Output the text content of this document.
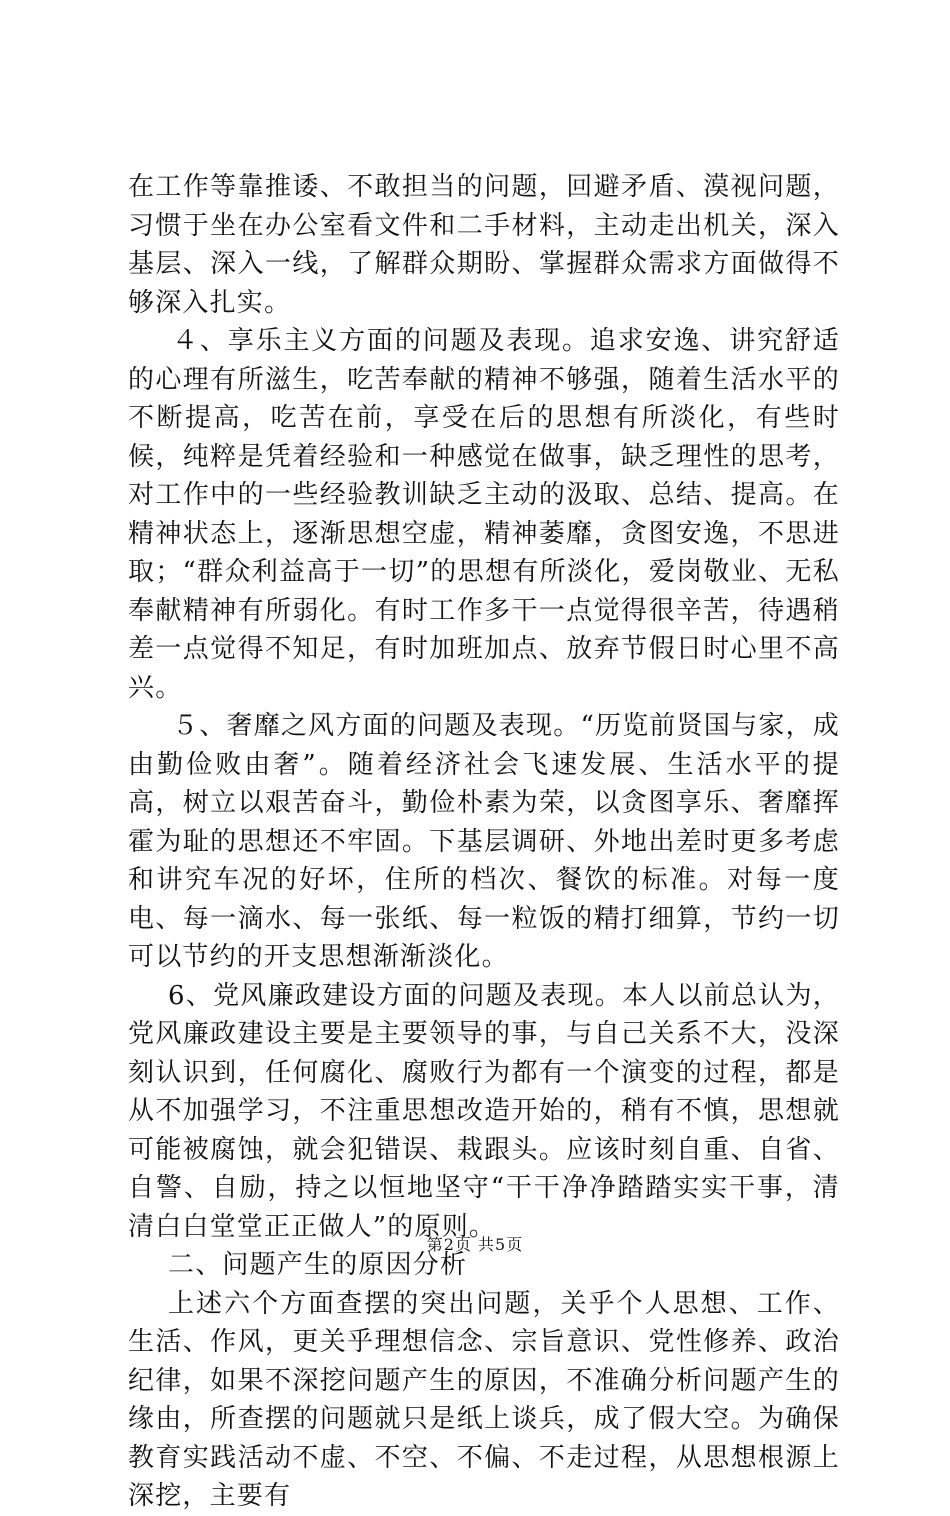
在工作等靠推诿、不敢担当的问题，回避矛盾、漠视问题，习惯于坐在办公室看文件和二手材料，主动走出机关，深入基层、深入一线，了解群众期盼、掌握群众需求方面做得不够深入扎实。

４、享乐主义方面的问题及表现。追求安逸、讲究舒适的心理有所滋生，吃苦奉献的精神不够强，随着生活水平的不断提高，吃苦在前，享受在后的思想有所淡化，有些时候，纯粹是凭着经验和一种感觉在做事，缺乏理性的思考，对工作中的一些经验教训缺乏主动的汲取、总结、提高。在精神状态上，逐渐思想空虚，精神萎靡，贪图安逸，不思进取；“群众利益高于一切”的思想有所淡化，爱岗敬业、无私奉献精神有所弱化。有时工作多干一点觉得很辛苦，待遇稍差一点觉得不知足，有时加班加点、放弃节假日时心里不高兴。

５、奢靡之风方面的问题及表现。“历览前贤国与家，成由勤俭败由奢”。随着经济社会飞速发展、生活水平的提高，树立以艰苦奋斗，勤俭朴素为荣，以贪图享乐、奢靡挥霍为耻的思想还不牢固。下基层调研、外地出差时更多考虑和讲究车况的好坏，住所的档次、餐饮的标准。对每一度电、每一滴水、每一张纸、每一粒饭的精打细算，节约一切可以节约的开支思想渐渐淡化。

6、党风廉政建设方面的问题及表现。本人以前总认为，党风廉政建设主要是主要领导的事，与自己关系不大，没深刻认识到，任何腐化、腐败行为都有一个演变的过程，都是从不加强学习，不注重思想改造开始的，稍有不慎，思想就可能被腐蚀，就会犯错误、栽跟头。应该时刻自重、自省、自警、自励，持之以恒地坚守“干干净净踏踏实实干事，清清白白堂堂正正做人”的原则。

二、问题产生的原因分析

上述六个方面查摆的突出问题，关乎个人思想、工作、生活、作风，更关乎理想信念、宗旨意识、党性修养、政治纪律，如果不深挖问题产生的原因，不准确分析问题产生的缘由，所查摆的问题就只是纸上谈兵，成了假大空。为确保教育实践活动不虚、不空、不偏、不走过程，从思想根源上深挖，主要有

第2页 共5页
